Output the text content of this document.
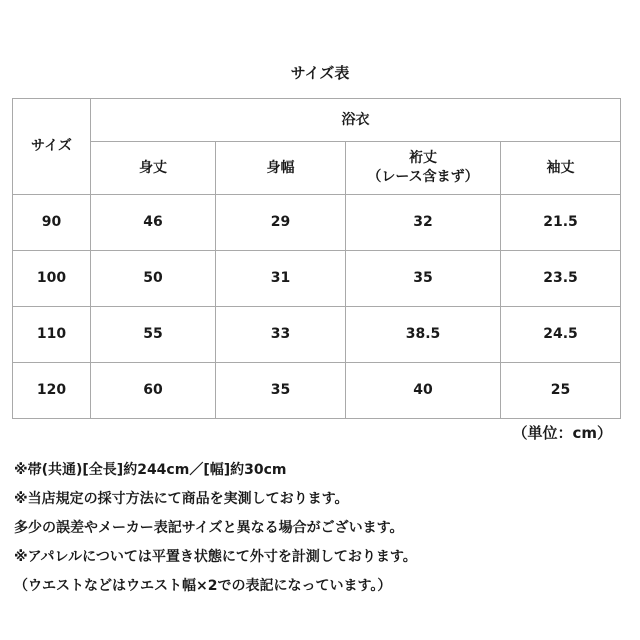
サイズ表
サイズ	浴衣			
	身丈	身幅	裄丈
（レース含まず）	袖丈
90	46	29	32	21.5
100	50	31	35	23.5
110	55	33	38.5	24.5
120	60	35	40	25
（単位：cm）
※帯(共通)[全長]約244cm／[幅]約30cm
※当店規定の採寸方法にて商品を実測しております。
多少の誤差やメーカー表記サイズと異なる場合がございます。
※アパレルについては平置き状態にて外寸を計測しております。
（ウエストなどはウエスト幅×2での表記になっています。）
